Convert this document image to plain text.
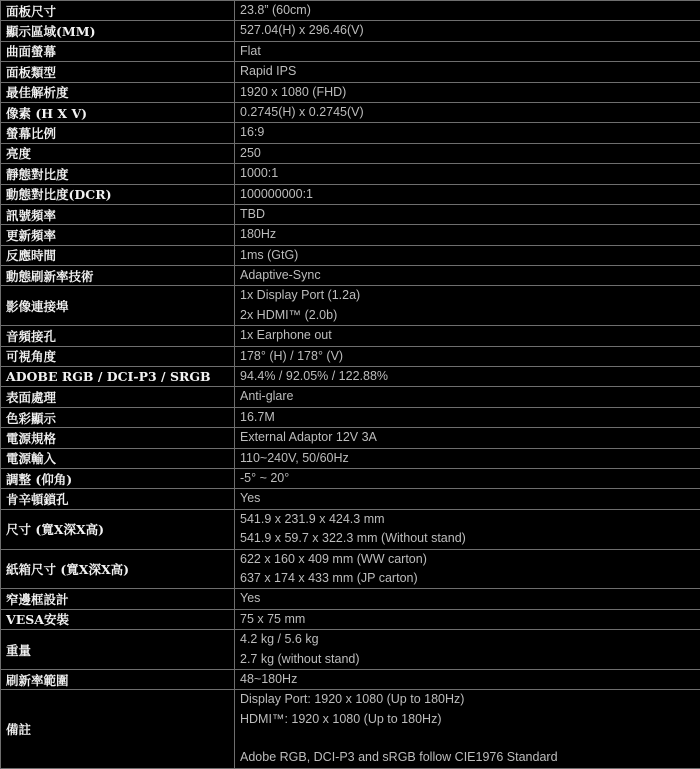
面板尺寸	23.8” (60cm)

顯示區域(MM)	527.04(H) x 296.46(V)

曲面螢幕	Flat

面板類型	Rapid IPS

最佳解析度	1920 x 1080 (FHD)

像素 (H X V)	0.2745(H) x 0.2745(V)

螢幕比例	16:9

亮度	250

靜態對比度	1000:1

動態對比度(DCR)	100000000:1

訊號頻率	TBD

更新頻率	180Hz

反應時間	1ms (GtG)

動態刷新率技術	Adaptive-Sync

影像連接埠	1x Display Port (1.2a)
2x HDMI™ (2.0b)

音頻接孔	1x Earphone out

可視角度	178° (H) / 178° (V)

ADOBE RGB / DCI-P3 / SRGB	94.4% / 92.05% / 122.88%

表面處理	Anti-glare

色彩顯示	16.7M

電源規格	External Adaptor 12V 3A

電源輸入	110~240V, 50/60Hz

調整 (仰角)	-5° ~ 20°

肯辛頓鎖孔	Yes

尺寸 (寬X深X高)	541.9 x 231.9 x 424.3 mm
541.9 x 59.7 x 322.3 mm (Without stand)

紙箱尺寸 (寬X深X高)	622 x 160 x 409 mm (WW carton)
637 x 174 x 433 mm (JP carton)

窄邊框設計	Yes

VESA安裝	75 x 75 mm

重量	4.2 kg / 5.6 kg
2.7 kg (without stand)

刷新率範圍	48~180Hz

備註	Display Port: 1920 x 1080 (Up to 180Hz)
HDMI™: 1920 x 1080 (Up to 180Hz)
Adobe RGB, DCI-P3 and sRGB follow CIE1976 Standard
